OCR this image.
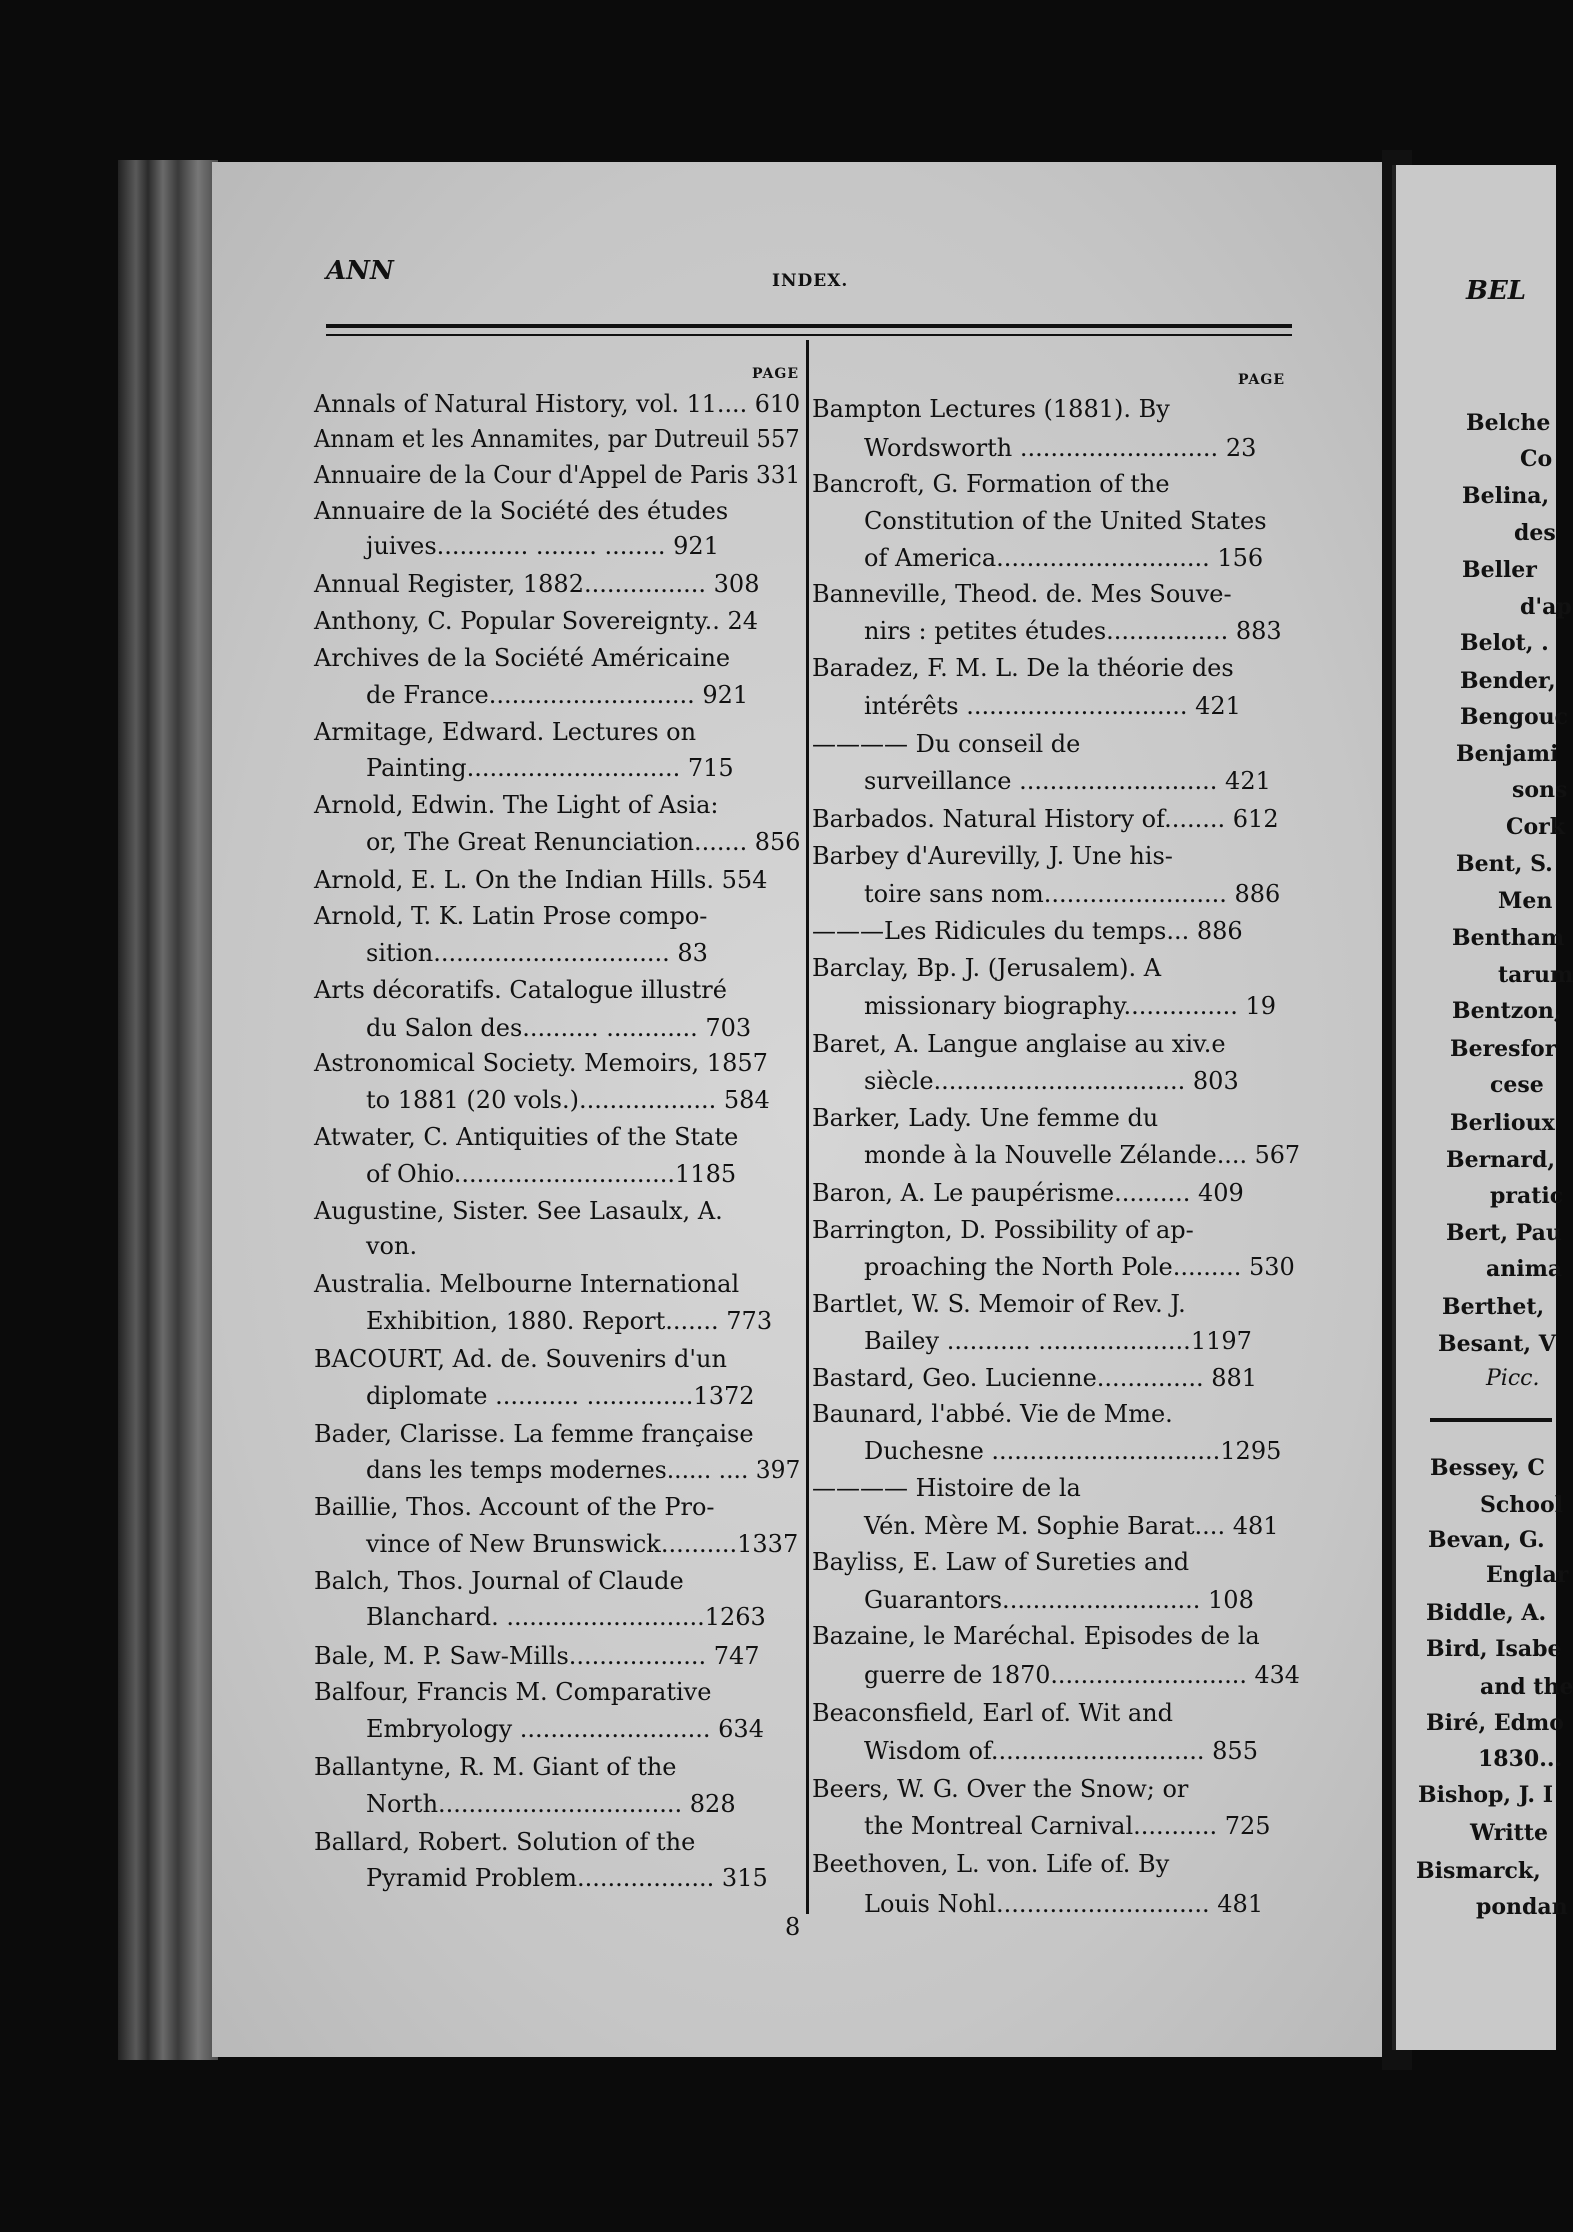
ANN	INDEX.	BEL
PAGE	PAGE
Annals of Natural History, vol. 11.... 610
Annam et les Annamites, par Dutreuil 557
Annuaire de la Cour d'Appel de Paris 331
Annuaire de la Société des études
juives............ ........ ........ 921
Annual Register, 1882................ 308
Anthony, C. Popular Sovereignty.. 24
Archives de la Société Américaine
de France........................... 921
Armitage, Edward. Lectures on
Painting............................ 715
Arnold, Edwin. The Light of Asia:
or, The Great Renunciation....... 856
Arnold, E. L. On the Indian Hills. 554
Arnold, T. K. Latin Prose compo-
sition............................... 83
Arts décoratifs. Catalogue illustré
du Salon des.......... ............ 703
Astronomical Society. Memoirs, 1857
to 1881 (20 vols.).................. 584
Atwater, C. Antiquities of the State
of Ohio.............................1185
Augustine, Sister. See Lasaulx, A.
von.
Australia. Melbourne International
Exhibition, 1880. Report....... 773
BACOURT, Ad. de. Souvenirs d'un
diplomate ........... ..............1372
Bader, Clarisse. La femme française
dans les temps modernes...... .... 397
Baillie, Thos. Account of the Pro-
vince of New Brunswick..........1337
Balch, Thos. Journal of Claude
Blanchard. ..........................1263
Bale, M. P. Saw-Mills.................. 747
Balfour, Francis M. Comparative
Embryology ......................... 634
Ballantyne, R. M. Giant of the
North................................ 828
Ballard, Robert. Solution of the
Pyramid Problem.................. 315
Bampton Lectures (1881). By
Wordsworth .......................... 23
Bancroft, G. Formation of the
Constitution of the United States
of America............................ 156
Banneville, Theod. de. Mes Souve-
nirs : petites études................ 883
Baradez, F. M. L. De la théorie des
intérêts ............................. 421
———— Du conseil de
surveillance .......................... 421
Barbados. Natural History of........ 612
Barbey d'Aurevilly, J. Une his-
toire sans nom........................ 886
———Les Ridicules du temps... 886
Barclay, Bp. J. (Jerusalem). A
missionary biography............... 19
Baret, A. Langue anglaise au xiv.e
siècle................................. 803
Barker, Lady. Une femme du
monde à la Nouvelle Zélande.... 567
Baron, A. Le paupérisme.......... 409
Barrington, D. Possibility of ap-
proaching the North Pole......... 530
Bartlet, W. S. Memoir of Rev. J.
Bailey ........... ....................1197
Bastard, Geo. Lucienne.............. 881
Baunard, l'abbé. Vie de Mme.
Duchesne ..............................1295
———— Histoire de la
Vén. Mère M. Sophie Barat.... 481
Bayliss, E. Law of Sureties and
Guarantors.......................... 108
Bazaine, le Maréchal. Episodes de la
guerre de 1870.......................... 434
Beaconsfield, Earl of. Wit and
Wisdom of............................ 855
Beers, W. G. Over the Snow; or
the Montreal Carnival........... 725
Beethoven, L. von. Life of. By
Louis Nohl............................ 481
Belche
Co
Belina,
des
Beller
d'ap
Belot, .
Bender,
Bengouc
Benjami
sons
Cork
Bent, S.
Men
Bentham
tarum
Bentzon,
Beresfor
cese
Berlioux
Bernard,
pratic
Bert, Pau
anima
Berthet,
Besant, V
Picc.
Bessey, C
School
Bevan, G.
Englar
Biddle, A.
Bird, Isabe
and the
Biré, Edmo
1830...
Bishop, J. I
Writte
Bismarck,
pondan
8
